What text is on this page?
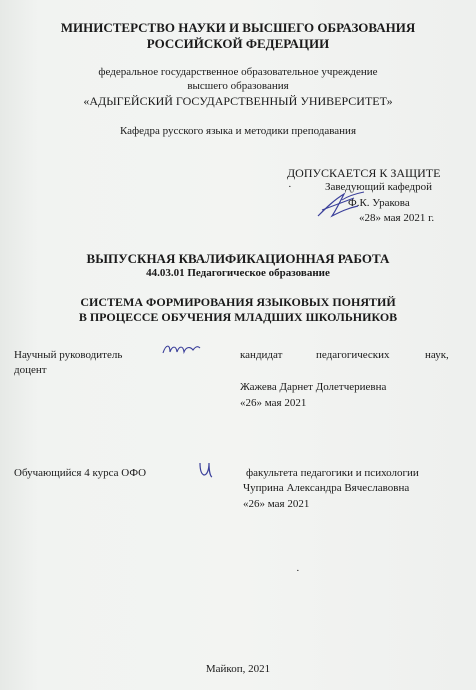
МИНИСТЕРСТВО НАУКИ И ВЫСШЕГО ОБРАЗОВАНИЯ
РОССИЙСКОЙ ФЕДЕРАЦИИ
федеральное государственное образовательное учреждение
высшего образования
«АДЫГЕЙСКИЙ ГОСУДАРСТВЕННЫЙ УНИВЕРСИТЕТ»
Кафедра русского языка и методики преподавания
ДОПУСКАЕТСЯ К ЗАЩИТЕ
·	Заведующий кафедрой
Ф.К. Уракова
«28» мая 2021 г.
ВЫПУСКНАЯ КВАЛИФИКАЦИОННАЯ РАБОТА
44.03.01 Педагогическое образование
СИСТЕМА ФОРМИРОВАНИЯ ЯЗЫКОВЫХ ПОНЯТИЙ
В ПРОЦЕССЕ ОБУЧЕНИЯ МЛАДШИХ ШКОЛЬНИКОВ
Научный руководитель	кандидат	педагогических	наук,
доцент
Жажева Дарнет Долетчериевна
«26» мая 2021
Обучающийся 4 курса ОФО	факультета педагогики и психологии
Чуприна Александра Вячеславовна
«26» мая 2021
·
Майкоп, 2021
